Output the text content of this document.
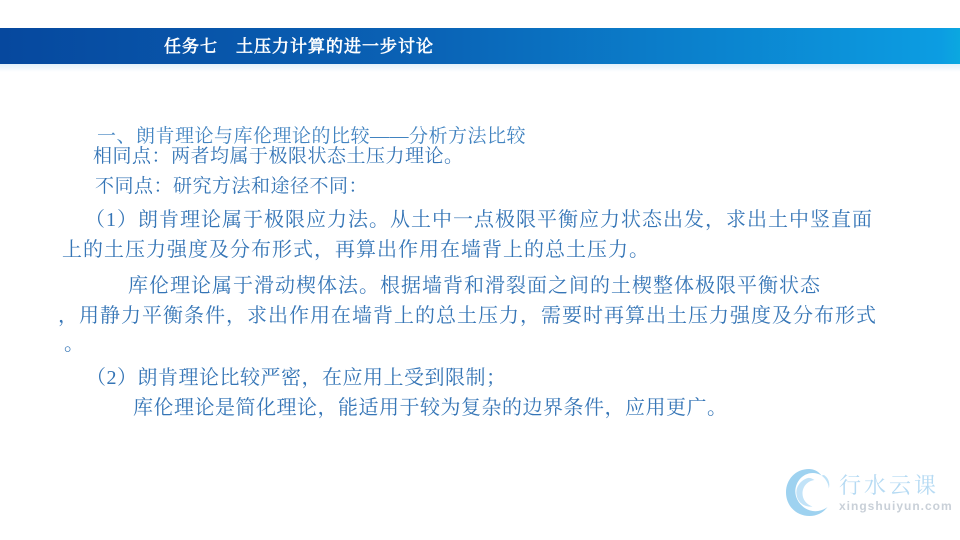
任务七　土压力计算的进一步讨论
一、朗肯理论与库伦理论的比较——分析方法比较
相同点：两者均属于极限状态土压力理论。
不同点：研究方法和途径不同：
（1）朗肯理论属于极限应力法。从土中一点极限平衡应力状态出发，求出土中竖直面
上的土压力强度及分布形式，再算出作用在墙背上的总土压力。
库伦理论属于滑动楔体法。根据墙背和滑裂面之间的土楔整体极限平衡状态
，用静力平衡条件，求出作用在墙背上的总土压力，需要时再算出土压力强度及分布形式
。
（2）朗肯理论比较严密，在应用上受到限制；
库伦理论是简化理论，能适用于较为复杂的边界条件，应用更广。
行水云课
xingshuiyun.com
